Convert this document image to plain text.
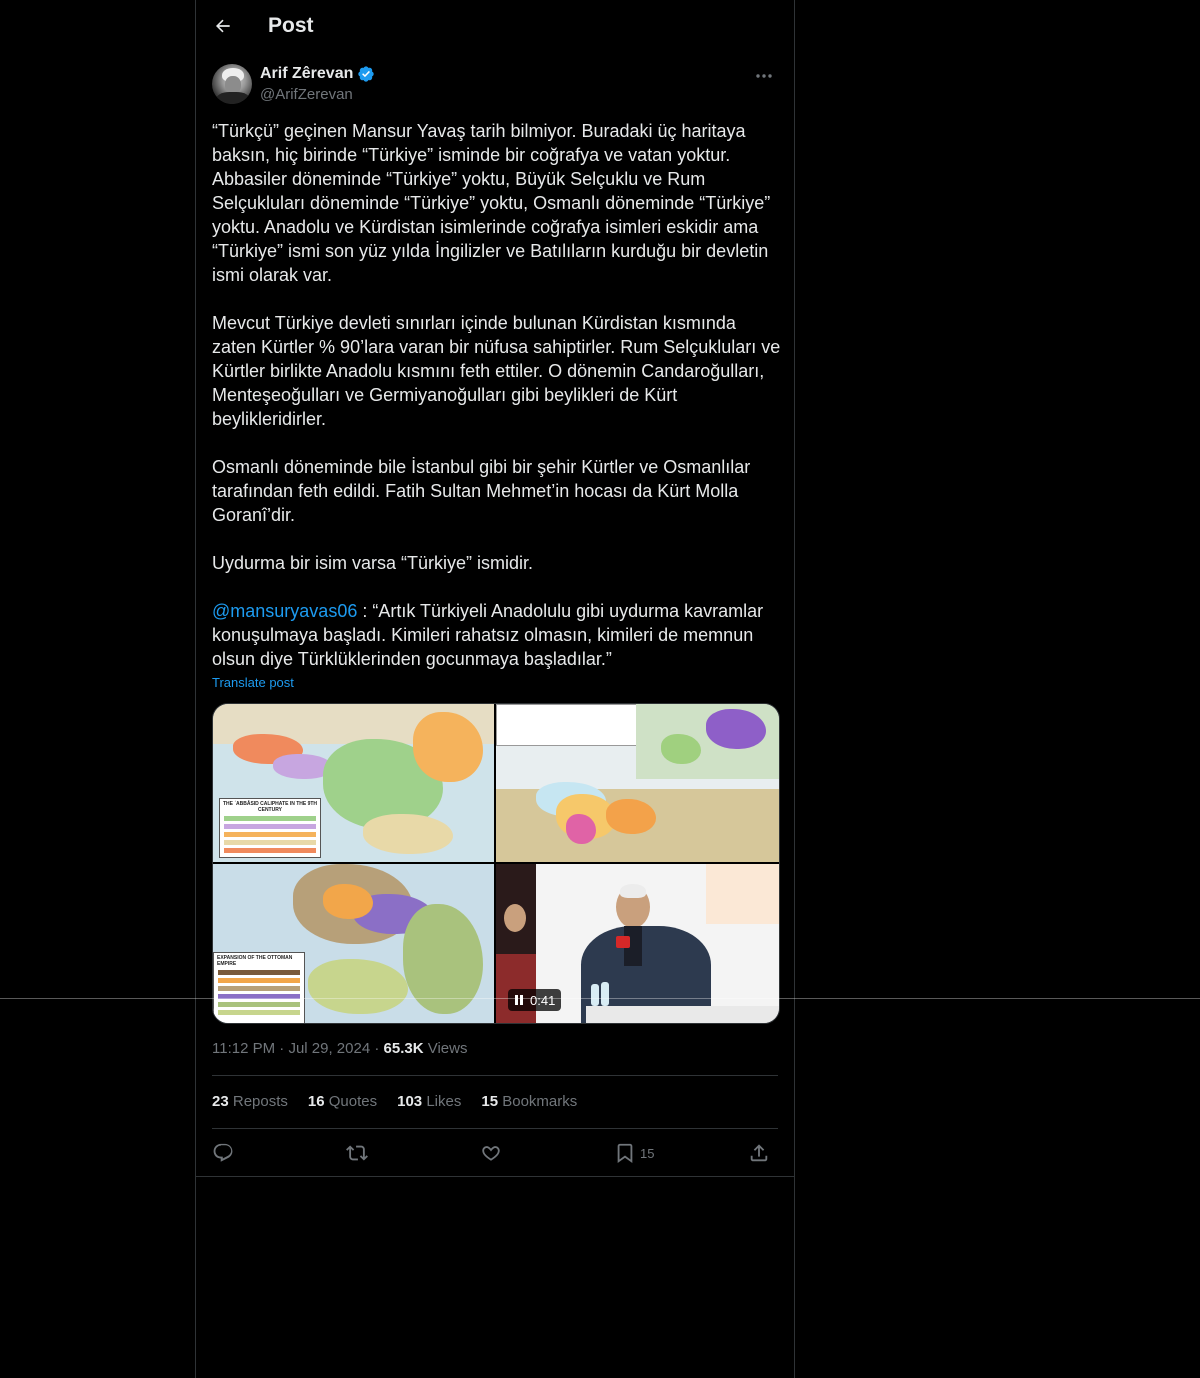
Post
Arif Zêrevan
@ArifZerevan

“Türkçü” geçinen Mansur Yavaş tarih bilmiyor. Buradaki üç haritaya baksın, hiç birinde “Türkiye” isminde bir coğrafya ve vatan yoktur. Abbasiler döneminde “Türkiye” yoktu, Büyük Selçuklu ve Rum Selçukluları döneminde “Türkiye” yoktu, Osmanlı döneminde “Türkiye” yoktu. Anadolu ve Kürdistan isimlerinde coğrafya isimleri eskidir ama “Türkiye” ismi son yüz yılda İngilizler ve Batılıların kurduğu bir devletin ismi olarak var.

Mevcut Türkiye devleti sınırları içinde bulunan Kürdistan kısmında zaten Kürtler % 90’lara varan bir nüfusa sahiptirler. Rum Selçukluları ve Kürtler birlikte Anadolu kısmını feth ettiler. O dönemin Candaroğulları, Menteşeoğulları ve Germiyanoğulları gibi beylikleri de Kürt beylikleridirler.

Osmanlı döneminde bile İstanbul gibi bir şehir Kürtler ve Osmanlılar tarafından feth edildi. Fatih Sultan Mehmet’in hocası da Kürt Molla Goranî’dir.

Uydurma bir isim varsa “Türkiye” ismidir.

@mansuryavas06 : “Artık Türkiyeli Anadolulu gibi uydurma kavramlar konuşulmaya başladı. Kimileri rahatsız olmasın, kimileri de memnun olsun diye Türklüklerinden gocunmaya başladılar.”

Translate post
THE ʿABBĀSID CALIPHATE IN THE 9TH CENTURY
EXPANSION OF THE OTTOMAN EMPIRE
0:41
11:12 PM · Jul 29, 2024 · 65.3K Views
23 Reposts 16 Quotes 103 Likes 15 Bookmarks
15
